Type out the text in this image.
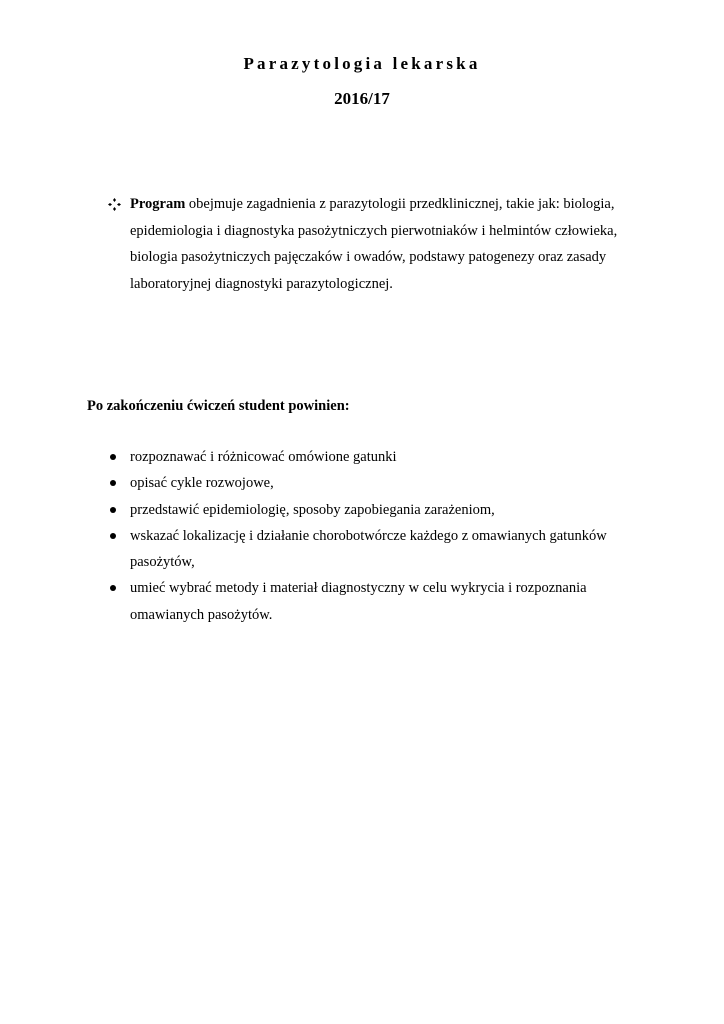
Parazytologia lekarska
2016/17
Program obejmuje zagadnienia z parazytologii przedklinicznej, takie jak: biologia,
epidemiologia i diagnostyka pasożytniczych pierwotniaków i helmintów człowieka,
biologia pasożytniczych pajęczaków i owadów, podstawy patogenezy oraz zasady
laboratoryjnej diagnostyki parazytologicznej.
Po zakończeniu ćwiczeń student powinien:
rozpoznawać i różnicować omówione gatunki
opisać cykle rozwojowe,
przedstawić epidemiologię, sposoby zapobiegania zarażeniom,
wskazać lokalizację i działanie chorobotwórcze każdego z omawianych gatunków
pasożytów,
umieć wybrać metody i materiał diagnostyczny w celu wykrycia i rozpoznania
omawianych pasożytów.
